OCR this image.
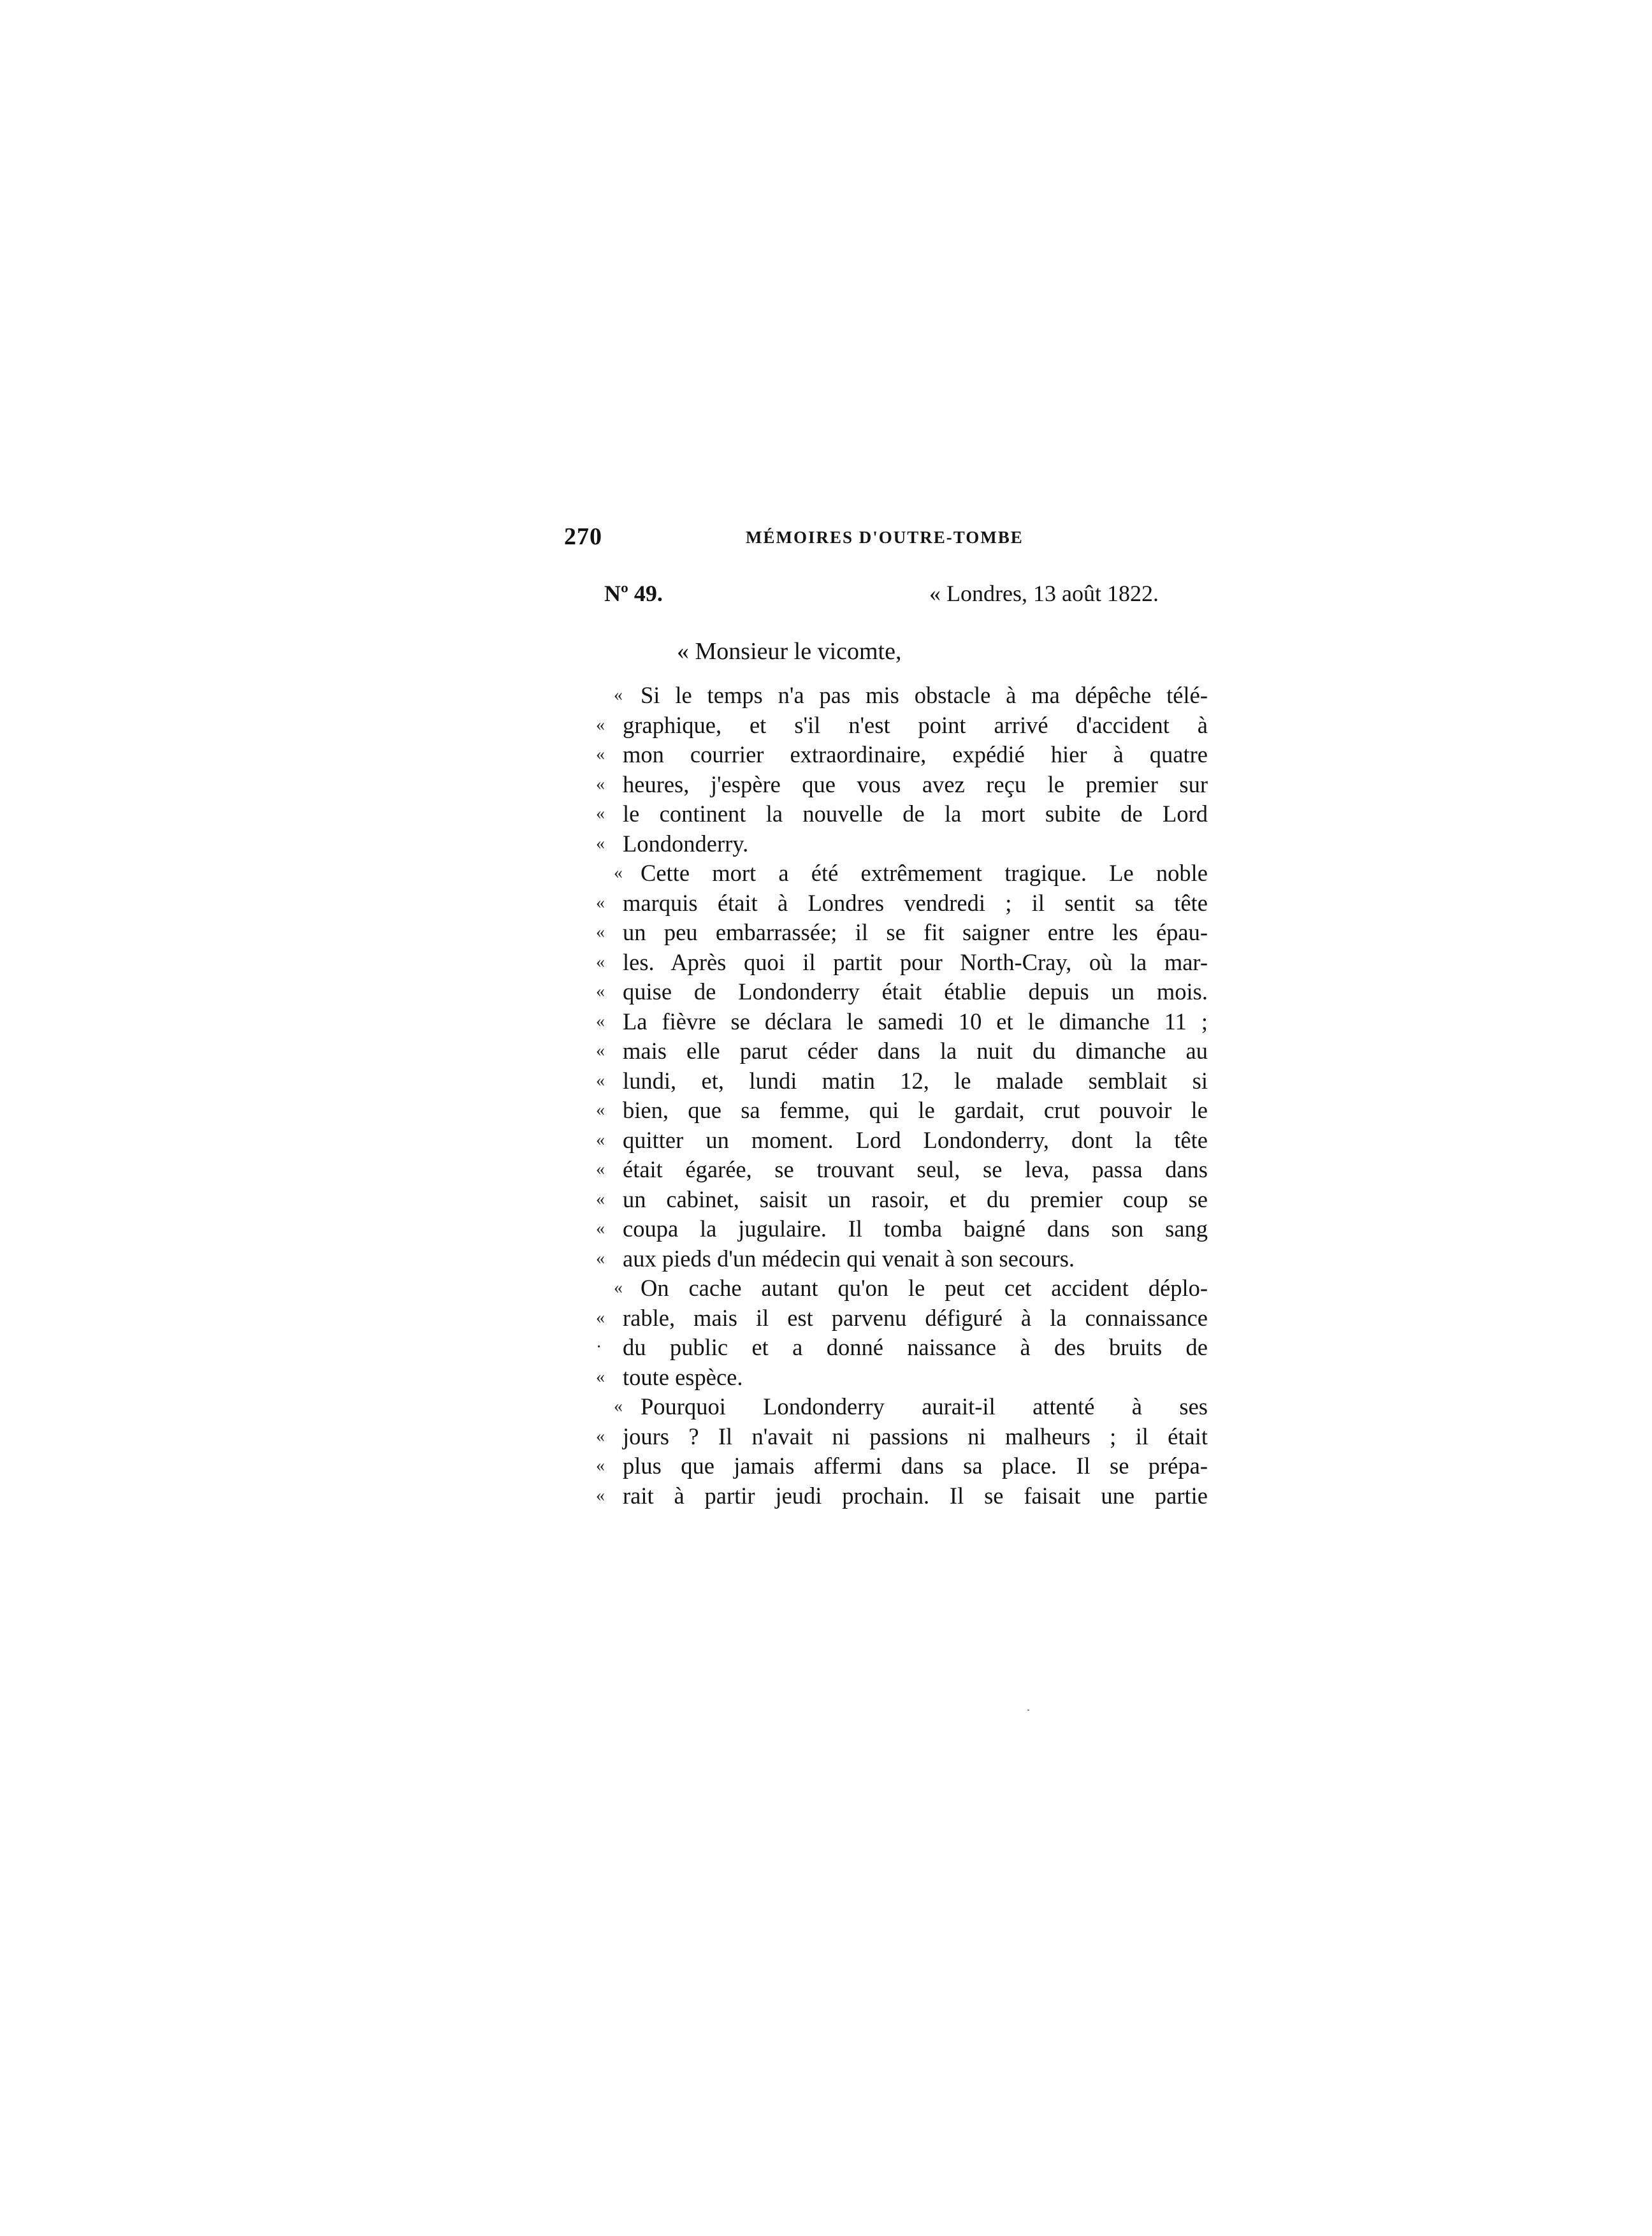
270	MÉMOIRES D'OUTRE-TOMBE
Nº 49.	« Londres, 13 août 1822.
« Monsieur le vicomte,
« Si le temps n'a pas mis obstacle à ma dépêche télé-
« graphique, et s'il n'est point arrivé d'accident à
« mon courrier extraordinaire, expédié hier à quatre
« heures, j'espère que vous avez reçu le premier sur
« le continent la nouvelle de la mort subite de Lord
« Londonderry.
« Cette mort a été extrêmement tragique. Le noble
« marquis était à Londres vendredi ; il sentit sa tête
« un peu embarrassée; il se fit saigner entre les épau-
« les. Après quoi il partit pour North-Cray, où la mar-
« quise de Londonderry était établie depuis un mois.
« La fièvre se déclara le samedi 10 et le dimanche 11 ;
« mais elle parut céder dans la nuit du dimanche au
« lundi, et, lundi matin 12, le malade semblait si
« bien, que sa femme, qui le gardait, crut pouvoir le
« quitter un moment. Lord Londonderry, dont la tête
« était égarée, se trouvant seul, se leva, passa dans
« un cabinet, saisit un rasoir, et du premier coup se
« coupa la jugulaire. Il tomba baigné dans son sang
« aux pieds d'un médecin qui venait à son secours.
« On cache autant qu'on le peut cet accident déplo-
« rable, mais il est parvenu défiguré à la connaissance
· du public et a donné naissance à des bruits de
« toute espèce.
« Pourquoi Londonderry aurait-il attenté à ses
« jours ? Il n'avait ni passions ni malheurs ; il était
« plus que jamais affermi dans sa place. Il se prépa-
« rait à partir jeudi prochain. Il se faisait une partie
